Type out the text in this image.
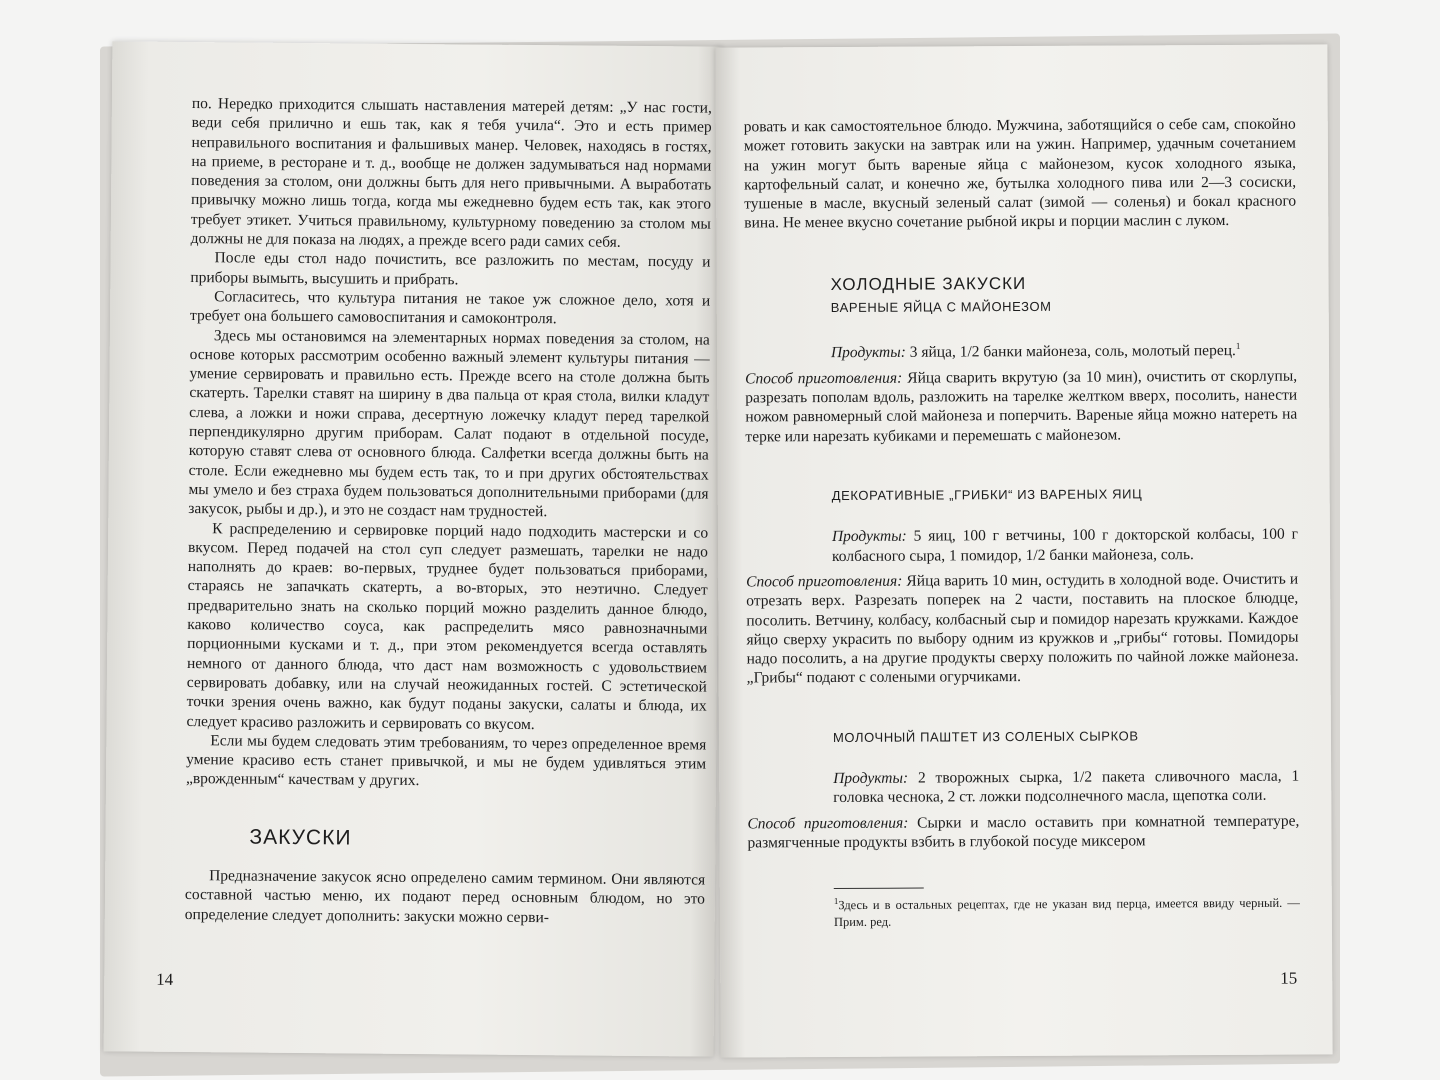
по. Нередко приходится слышать наставления матерей детям: „У нас гости, веди себя прилично и ешь так, как я тебя учила“. Это и есть пример неправильного воспитания и фальшивых манер. Человек, находясь в гостях, на приеме, в ресторане и т. д., вообще не должен задумываться над нормами поведения за столом, они должны быть для него привычными. А выработать привычку можно лишь тогда, когда мы ежедневно будем есть так, как этого требует этикет. Учиться правильному, культурному поведению за столом мы должны не для показа на людях, а прежде всего ради самих себя.

После еды стол надо почистить, все разложить по местам, посуду и приборы вымыть, высушить и прибрать.

Согласитесь, что культура питания не такое уж сложное дело, хотя и требует она большего самовоспитания и самоконтроля.

Здесь мы остановимся на элементарных нормах поведения за столом, на основе которых рассмотрим особенно важный элемент культуры питания — умение сервировать и правильно есть. Прежде всего на столе должна быть скатерть. Тарелки ставят на ширину в два пальца от края стола, вилки кладут слева, а ложки и ножи справа, десертную ложечку кладут перед тарелкой перпендикулярно другим приборам. Салат подают в отдельной посуде, которую ставят слева от основного блюда. Салфетки всегда должны быть на столе. Если ежедневно мы будем есть так, то и при других обстоятельствах мы умело и без страха будем пользоваться дополнительными приборами (для закусок, рыбы и др.), и это не создаст нам трудностей.

К распределению и сервировке порций надо подходить мастерски и со вкусом. Перед подачей на стол суп следует размешать, тарелки не надо наполнять до краев: во-первых, труднее будет пользоваться приборами, стараясь не запачкать скатерть, а во-вторых, это неэтично. Следует предварительно знать на сколько порций можно разделить данное блюдо, каково количество соуса, как распределить мясо равнозначными порционными кусками и т. д., при этом рекомендуется всегда оставлять немного от данного блюда, что даст нам возможность с удовольствием сервировать добавку, или на случай неожиданных гостей. С эстетической точки зрения очень важно, как будут поданы закуски, салаты и блюда, их следует красиво разложить и сервировать со вкусом.

Если мы будем следовать этим требованиям, то через определенное время умение красиво есть станет привычкой, и мы не будем удивляться этим „врожденным“ качествам у других.

ЗАКУСКИ

Предназначение закусок ясно определено самим термином. Они являются составной частью меню, их подают перед основным блюдом, но это определение следует дополнить: закуски можно серви-

14

ровать и как самостоятельное блюдо. Мужчина, заботящийся о себе сам, спокойно может готовить закуски на завтрак или на ужин. Например, удачным сочетанием на ужин могут быть вареные яйца с майонезом, кусок холодного языка, картофельный салат, и конечно же, бутылка холодного пива или 2—3 сосиски, тушеные в масле, вкусный зеленый салат (зимой — соленья) и бокал красного вина. Не менее вкусно сочетание рыбной икры и порции маслин с луком.

ХОЛОДНЫЕ ЗАКУСКИ
ВАРЕНЫЕ ЯЙЦА С МАЙОНЕЗОМ

Продукты: 3 яйца, 1/2 банки майонеза, соль, молотый перец.$^1$

Способ приготовления: Яйца сварить вкрутую (за 10 мин), очистить от скорлупы, разрезать пополам вдоль, разложить на тарелке желтком вверх, посолить, нанести ножом равномерный слой майонеза и поперчить. Вареные яйца можно натереть на терке или нарезать кубиками и перемешать с майонезом.

ДЕКОРАТИВНЫЕ „ГРИБКИ“ ИЗ ВАРЕНЫХ ЯИЦ

Продукты: 5 яиц, 100 г ветчины, 100 г докторской колбасы, 100 г колбасного сыра, 1 помидор, 1/2 банки майонеза, соль.

Способ приготовления: Яйца варить 10 мин, остудить в холодной воде. Очистить и отрезать верх. Разрезать поперек на 2 части, поставить на плоское блюдце, посолить. Ветчину, колбасу, колбасный сыр и помидор нарезать кружками. Каждое яйцо сверху украсить по выбору одним из кружков и „грибы“ готовы. Помидоры надо посолить, а на другие продукты сверху положить по чайной ложке майонеза. „Грибы“ подают с солеными огурчиками.

МОЛОЧНЫЙ ПАШТЕТ ИЗ СОЛЕНЫХ СЫРКОВ

Продукты: 2 творожных сырка, 1/2 пакета сливочного масла, 1 головка чеснока, 2 ст. ложки подсолнечного масла, щепотка соли.

Способ приготовления: Сырки и масло оставить при комнатной температуре, размягченные продукты взбить в глубокой посуде миксером

$^1$Здесь и в остальных рецептах, где не указан вид перца, имеется ввиду черный. — Прим. ред.

15
